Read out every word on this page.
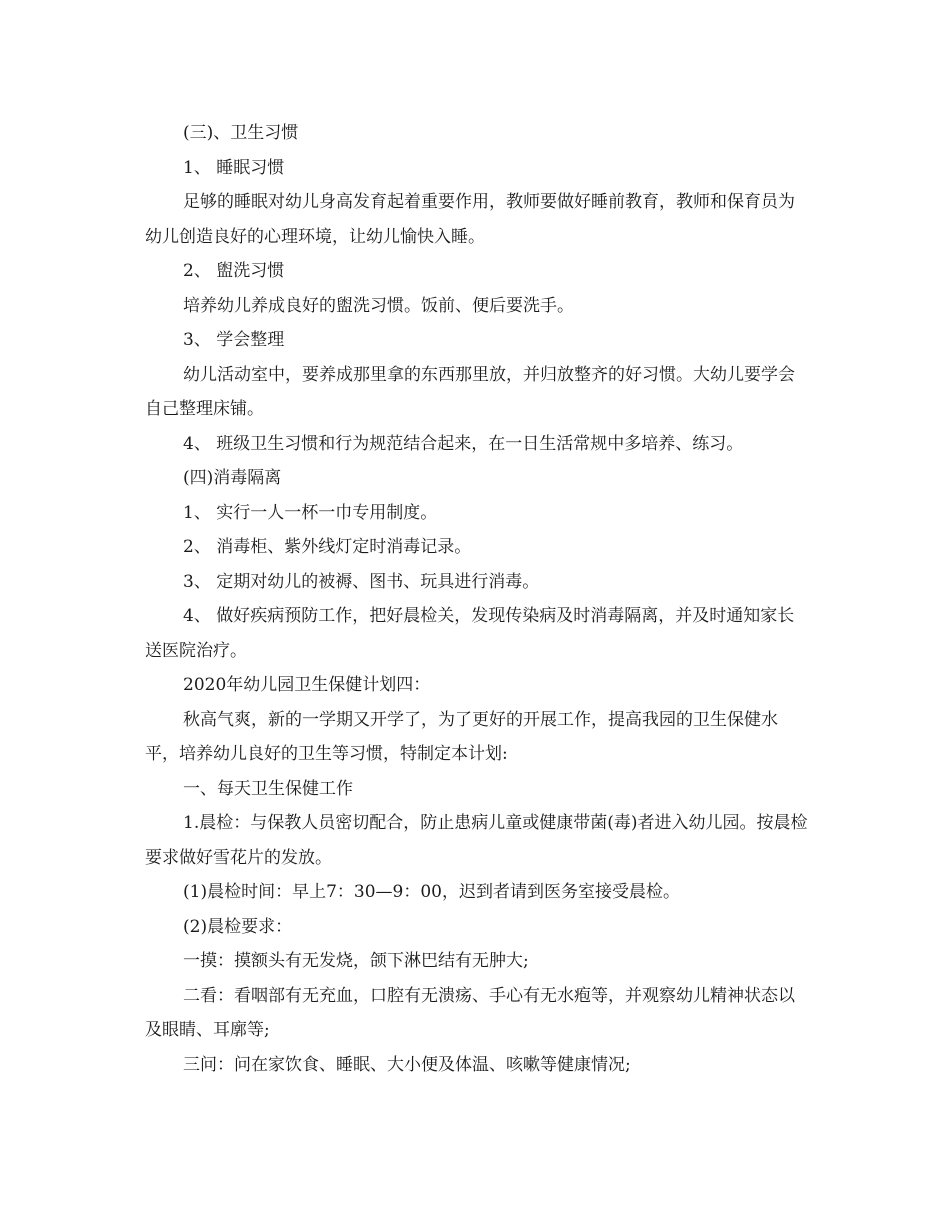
(三)、卫生习惯

1、 睡眠习惯

足够的睡眠对幼儿身高发育起着重要作用，教师要做好睡前教育，教师和保育员为幼儿创造良好的心理环境，让幼儿愉快入睡。

2、 盥洗习惯

培养幼儿养成良好的盥洗习惯。饭前、便后要洗手。

3、 学会整理

幼儿活动室中，要养成那里拿的东西那里放，并归放整齐的好习惯。大幼儿要学会自己整理床铺。

4、 班级卫生习惯和行为规范结合起来，在一日生活常规中多培养、练习。

(四)消毒隔离

1、 实行一人一杯一巾专用制度。

2、 消毒柜、紫外线灯定时消毒记录。

3、 定期对幼儿的被褥、图书、玩具进行消毒。

4、 做好疾病预防工作，把好晨检关，发现传染病及时消毒隔离，并及时通知家长送医院治疗。

2020年幼儿园卫生保健计划四：

秋高气爽，新的一学期又开学了，为了更好的开展工作，提高我园的卫生保健水平，培养幼儿良好的卫生等习惯，特制定本计划:

一、每天卫生保健工作

1.晨检：与保教人员密切配合，防止患病儿童或健康带菌(毒)者进入幼儿园。按晨检要求做好雪花片的发放。

(1)晨检时间：早上7：30—9：00，迟到者请到医务室接受晨检。

(2)晨检要求：

一摸：摸额头有无发烧，颌下淋巴结有无肿大;

二看：看咽部有无充血，口腔有无溃疡、手心有无水疱等，并观察幼儿精神状态以及眼睛、耳廓等;

三问：问在家饮食、睡眠、大小便及体温、咳嗽等健康情况;
